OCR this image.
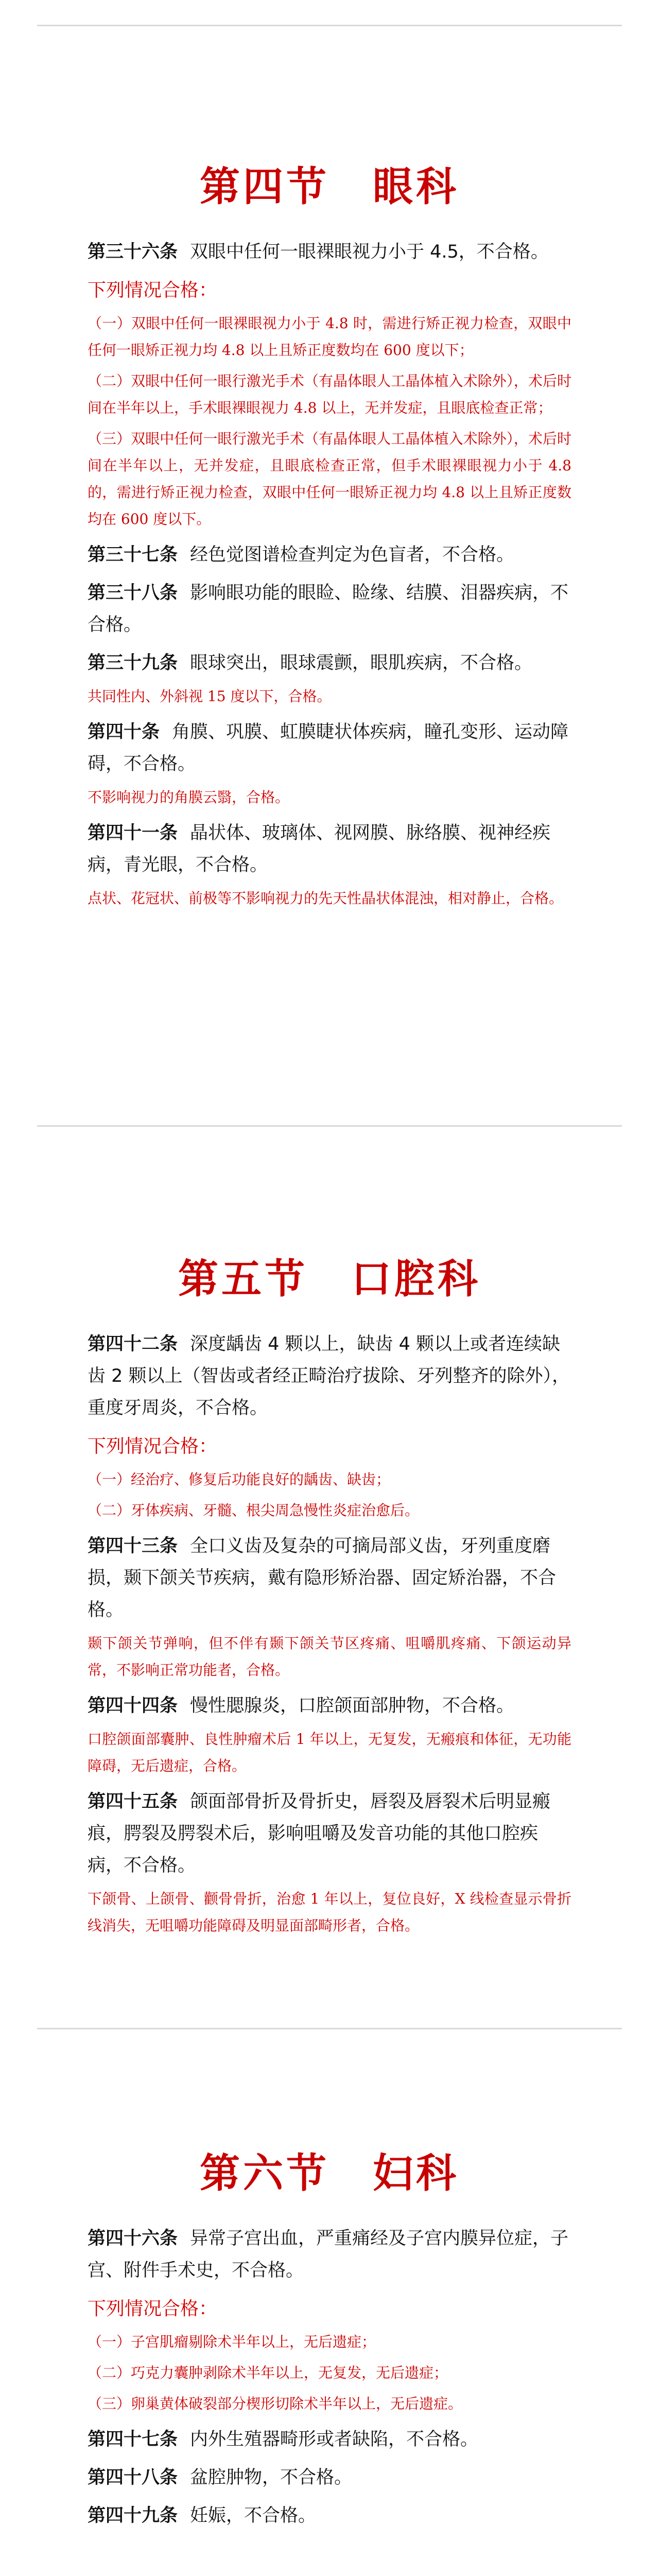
第四节　眼科
第三十六条 双眼中任何一眼裸眼视力小于 4.5，不合格。
下列情况合格：
（一）双眼中任何一眼裸眼视力小于 4.8 时，需进行矫正视力检查，双眼中任何一眼矫正视力均 4.8 以上且矫正度数均在 600 度以下；
（二）双眼中任何一眼行激光手术（有晶体眼人工晶体植入术除外），术后时间在半年以上，手术眼裸眼视力 4.8 以上，无并发症，且眼底检查正常；
（三）双眼中任何一眼行激光手术（有晶体眼人工晶体植入术除外），术后时间在半年以上，无并发症，且眼底检查正常，但手术眼裸眼视力小于 4.8 的，需进行矫正视力检查，双眼中任何一眼矫正视力均 4.8 以上且矫正度数均在 600 度以下。
第三十七条 经色觉图谱检查判定为色盲者，不合格。
第三十八条 影响眼功能的眼睑、睑缘、结膜、泪器疾病，不合格。
第三十九条 眼球突出，眼球震颤，眼肌疾病，不合格。
共同性内、外斜视 15 度以下，合格。
第四十条 角膜、巩膜、虹膜睫状体疾病，瞳孔变形、运动障碍，不合格。
不影响视力的角膜云翳，合格。
第四十一条 晶状体、玻璃体、视网膜、脉络膜、视神经疾病，青光眼，不合格。
点状、花冠状、前极等不影响视力的先天性晶状体混浊，相对静止，合格。
第五节　口腔科
第四十二条 深度龋齿 4 颗以上，缺齿 4 颗以上或者连续缺齿 2 颗以上（智齿或者经正畸治疗拔除、牙列整齐的除外），重度牙周炎，不合格。
下列情况合格：
（一）经治疗、修复后功能良好的龋齿、缺齿；
（二）牙体疾病、牙髓、根尖周急慢性炎症治愈后。
第四十三条 全口义齿及复杂的可摘局部义齿，牙列重度磨损，颞下颌关节疾病，戴有隐形矫治器、固定矫治器，不合格。
颞下颌关节弹响，但不伴有颞下颌关节区疼痛、咀嚼肌疼痛、下颌运动异常，不影响正常功能者，合格。
第四十四条 慢性腮腺炎，口腔颌面部肿物，不合格。
口腔颌面部囊肿、良性肿瘤术后 1 年以上，无复发，无瘢痕和体征，无功能障碍，无后遗症，合格。
第四十五条 颌面部骨折及骨折史，唇裂及唇裂术后明显瘢痕，腭裂及腭裂术后，影响咀嚼及发音功能的其他口腔疾病，不合格。
下颌骨、上颌骨、颧骨骨折，治愈 1 年以上，复位良好，X 线检查显示骨折线消失，无咀嚼功能障碍及明显面部畸形者，合格。
第六节　妇科
第四十六条 异常子宫出血，严重痛经及子宫内膜异位症，子宫、附件手术史，不合格。
下列情况合格：
（一）子宫肌瘤剔除术半年以上，无后遗症；
（二）巧克力囊肿剥除术半年以上，无复发，无后遗症；
（三）卵巢黄体破裂部分楔形切除术半年以上，无后遗症。
第四十七条 内外生殖器畸形或者缺陷，不合格。
第四十八条 盆腔肿物，不合格。
第四十九条 妊娠，不合格。
